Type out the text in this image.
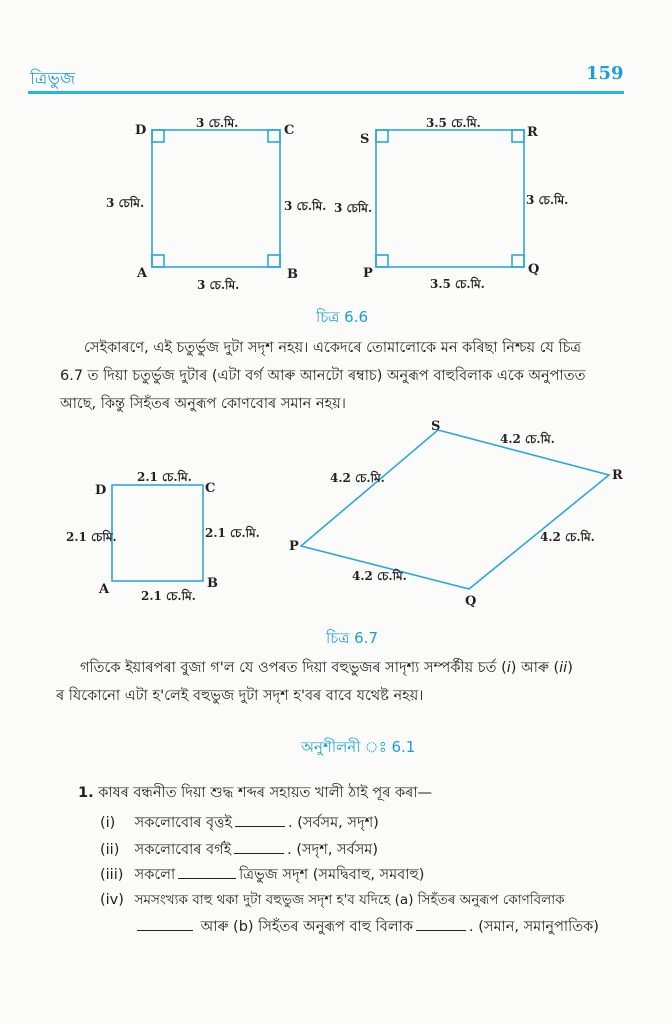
ত্ৰিভুজ	159
D	C
A	B
S	R
P	Q
3 চে.মি.
3 চেমি.	3 চে.মি.
3 চে.মি.
3.5 চে.মি.
3 চেমি.
3 চে.মি.
3.5 চে.মি.
চিত্ৰ 6.6
সেইকাৰণে, এই চতুৰ্ভুজ দুটা সদৃশ নহয়। একেদৰে তোমালোকে মন কৰিছা নিশ্চয় যে চিত্ৰ
6.7 ত দিয়া চতুৰ্ভুজ দুটাৰ (এটা বৰ্গ আৰু আনটো ৰম্বাচ) অনুৰূপ বাহুবিলাক একে অনুপাতত
আছে, কিন্তু সিহঁতৰ অনুৰূপ কোণবোৰ সমান নহয়।
D	C
A	B
S
R
P
Q
2.1 চে.মি.
2.1 চেমি.	2.1 চে.মি.
2.1 চে.মি.
4.2 চে.মি.
4.2 চে.মি.
4.2 চে.মি.
4.2 চে.মি.
চিত্ৰ 6.7
গতিকে ইয়াৰপৰা বুজা গ'ল যে ওপৰত দিয়া বহুভুজৰ সাদৃশ্য সম্পৰ্কীয় চৰ্ত (i) আৰু (ii)
ৰ যিকোনো এটা হ'লেই বহুভুজ দুটা সদৃশ হ'বৰ বাবে যথেষ্ট নহয়।
অনুশীলনী ঃ 6.1
1. কাষৰ বন্ধনীত দিয়া শুদ্ধ শব্দৰ সহায়ত খালী ঠাই পূৰ কৰা—
(i) সকলোবোৰ বৃত্তই	. (সৰ্বসম, সদৃশ)
(ii) সকলোবোৰ বৰ্গই	. (সদৃশ, সৰ্বসম)
(iii) সকলো	ত্ৰিভুজ সদৃশ (সমদ্বিবাহু, সমবাহু)
(iv) সমসংখ্যক বাহু থকা দুটা বহুভুজ সদৃশ হ'ব যদিহে (a) সিহঁতৰ অনুৰূপ কোণবিলাক
আৰু (b) সিহঁতৰ অনুৰূপ বাহু বিলাক	. (সমান, সমানুপাতিক)
